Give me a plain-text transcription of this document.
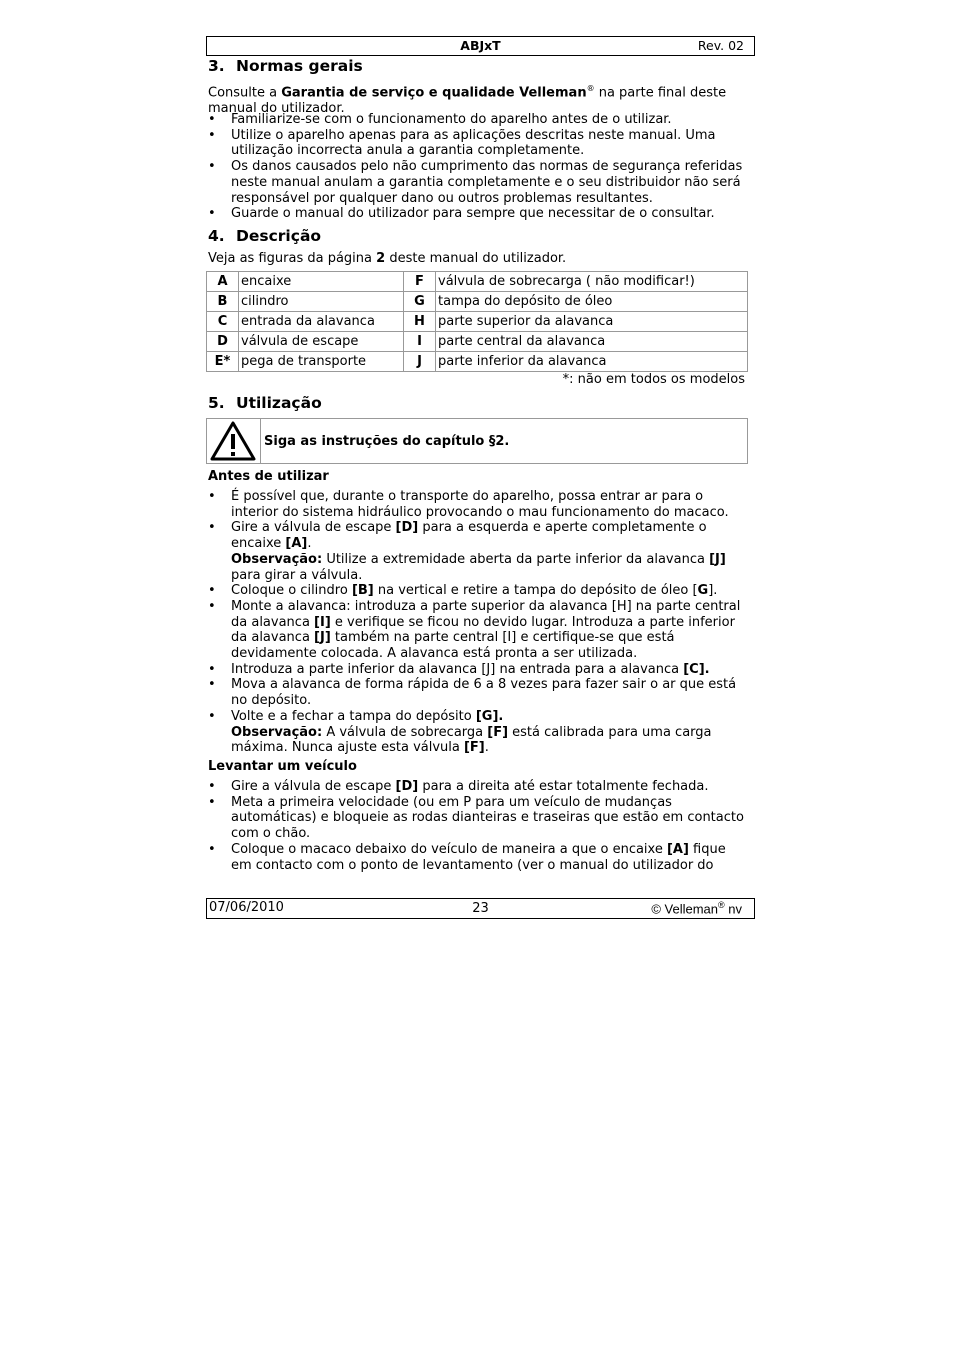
ABJxT	Rev. 02
3. Normas gerais
Consulte a Garantia de serviço e qualidade Velleman® na parte final deste manual do utilizador.
• Familiarize-se com o funcionamento do aparelho antes de o utilizar.
• Utilize o aparelho apenas para as aplicações descritas neste manual. Uma utilização incorrecta anula a garantia completamente.
• Os danos causados pelo não cumprimento das normas de segurança referidas neste manual anulam a garantia completamente e o seu distribuidor não será responsável por qualquer dano ou outros problemas resultantes.
• Guarde o manual do utilizador para sempre que necessitar de o consultar.
4. Descrição
Veja as figuras da página 2 deste manual do utilizador.
A	encaixe	F	válvula de sobrecarga ( não modificar!)
B	cilindro	G	tampa do depósito de óleo
C	entrada da alavanca	H	parte superior da alavanca
D	válvula de escape	I	parte central da alavanca
E*	pega de transporte	J	parte inferior da alavanca
*: não em todos os modelos
5. Utilização
Siga as instruções do capítulo §2.
Antes de utilizar
• É possível que, durante o transporte do aparelho, possa entrar ar para o interior do sistema hidráulico provocando o mau funcionamento do macaco.
• Gire a válvula de escape [D] para a esquerda e aperte completamente o encaixe [A].
Observação: Utilize a extremidade aberta da parte inferior da alavanca [J] para girar a válvula.
• Coloque o cilindro [B] na vertical e retire a tampa do depósito de óleo [G].
• Monte a alavanca: introduza a parte superior da alavanca [H] na parte central da alavanca [I] e verifique se ficou no devido lugar. Introduza a parte inferior da alavanca [J] também na parte central [I] e certifique-se que está devidamente colocada. A alavanca está pronta a ser utilizada.
• Introduza a parte inferior da alavanca [J] na entrada para a alavanca [C].
• Mova a alavanca de forma rápida de 6 a 8 vezes para fazer sair o ar que está no depósito.
• Volte e a fechar a tampa do depósito [G].
Observação: A válvula de sobrecarga [F] está calibrada para uma carga máxima. Nunca ajuste esta válvula [F].
Levantar um veículo
• Gire a válvula de escape [D] para a direita até estar totalmente fechada.
• Meta a primeira velocidade (ou em P para um veículo de mudanças automáticas) e bloqueie as rodas dianteiras e traseiras que estão em contacto com o chão.
• Coloque o macaco debaixo do veículo de maneira a que o encaixe [A] fique em contacto com o ponto de levantamento (ver o manual do utilizador do
07/06/2010	23	© Velleman® nv
